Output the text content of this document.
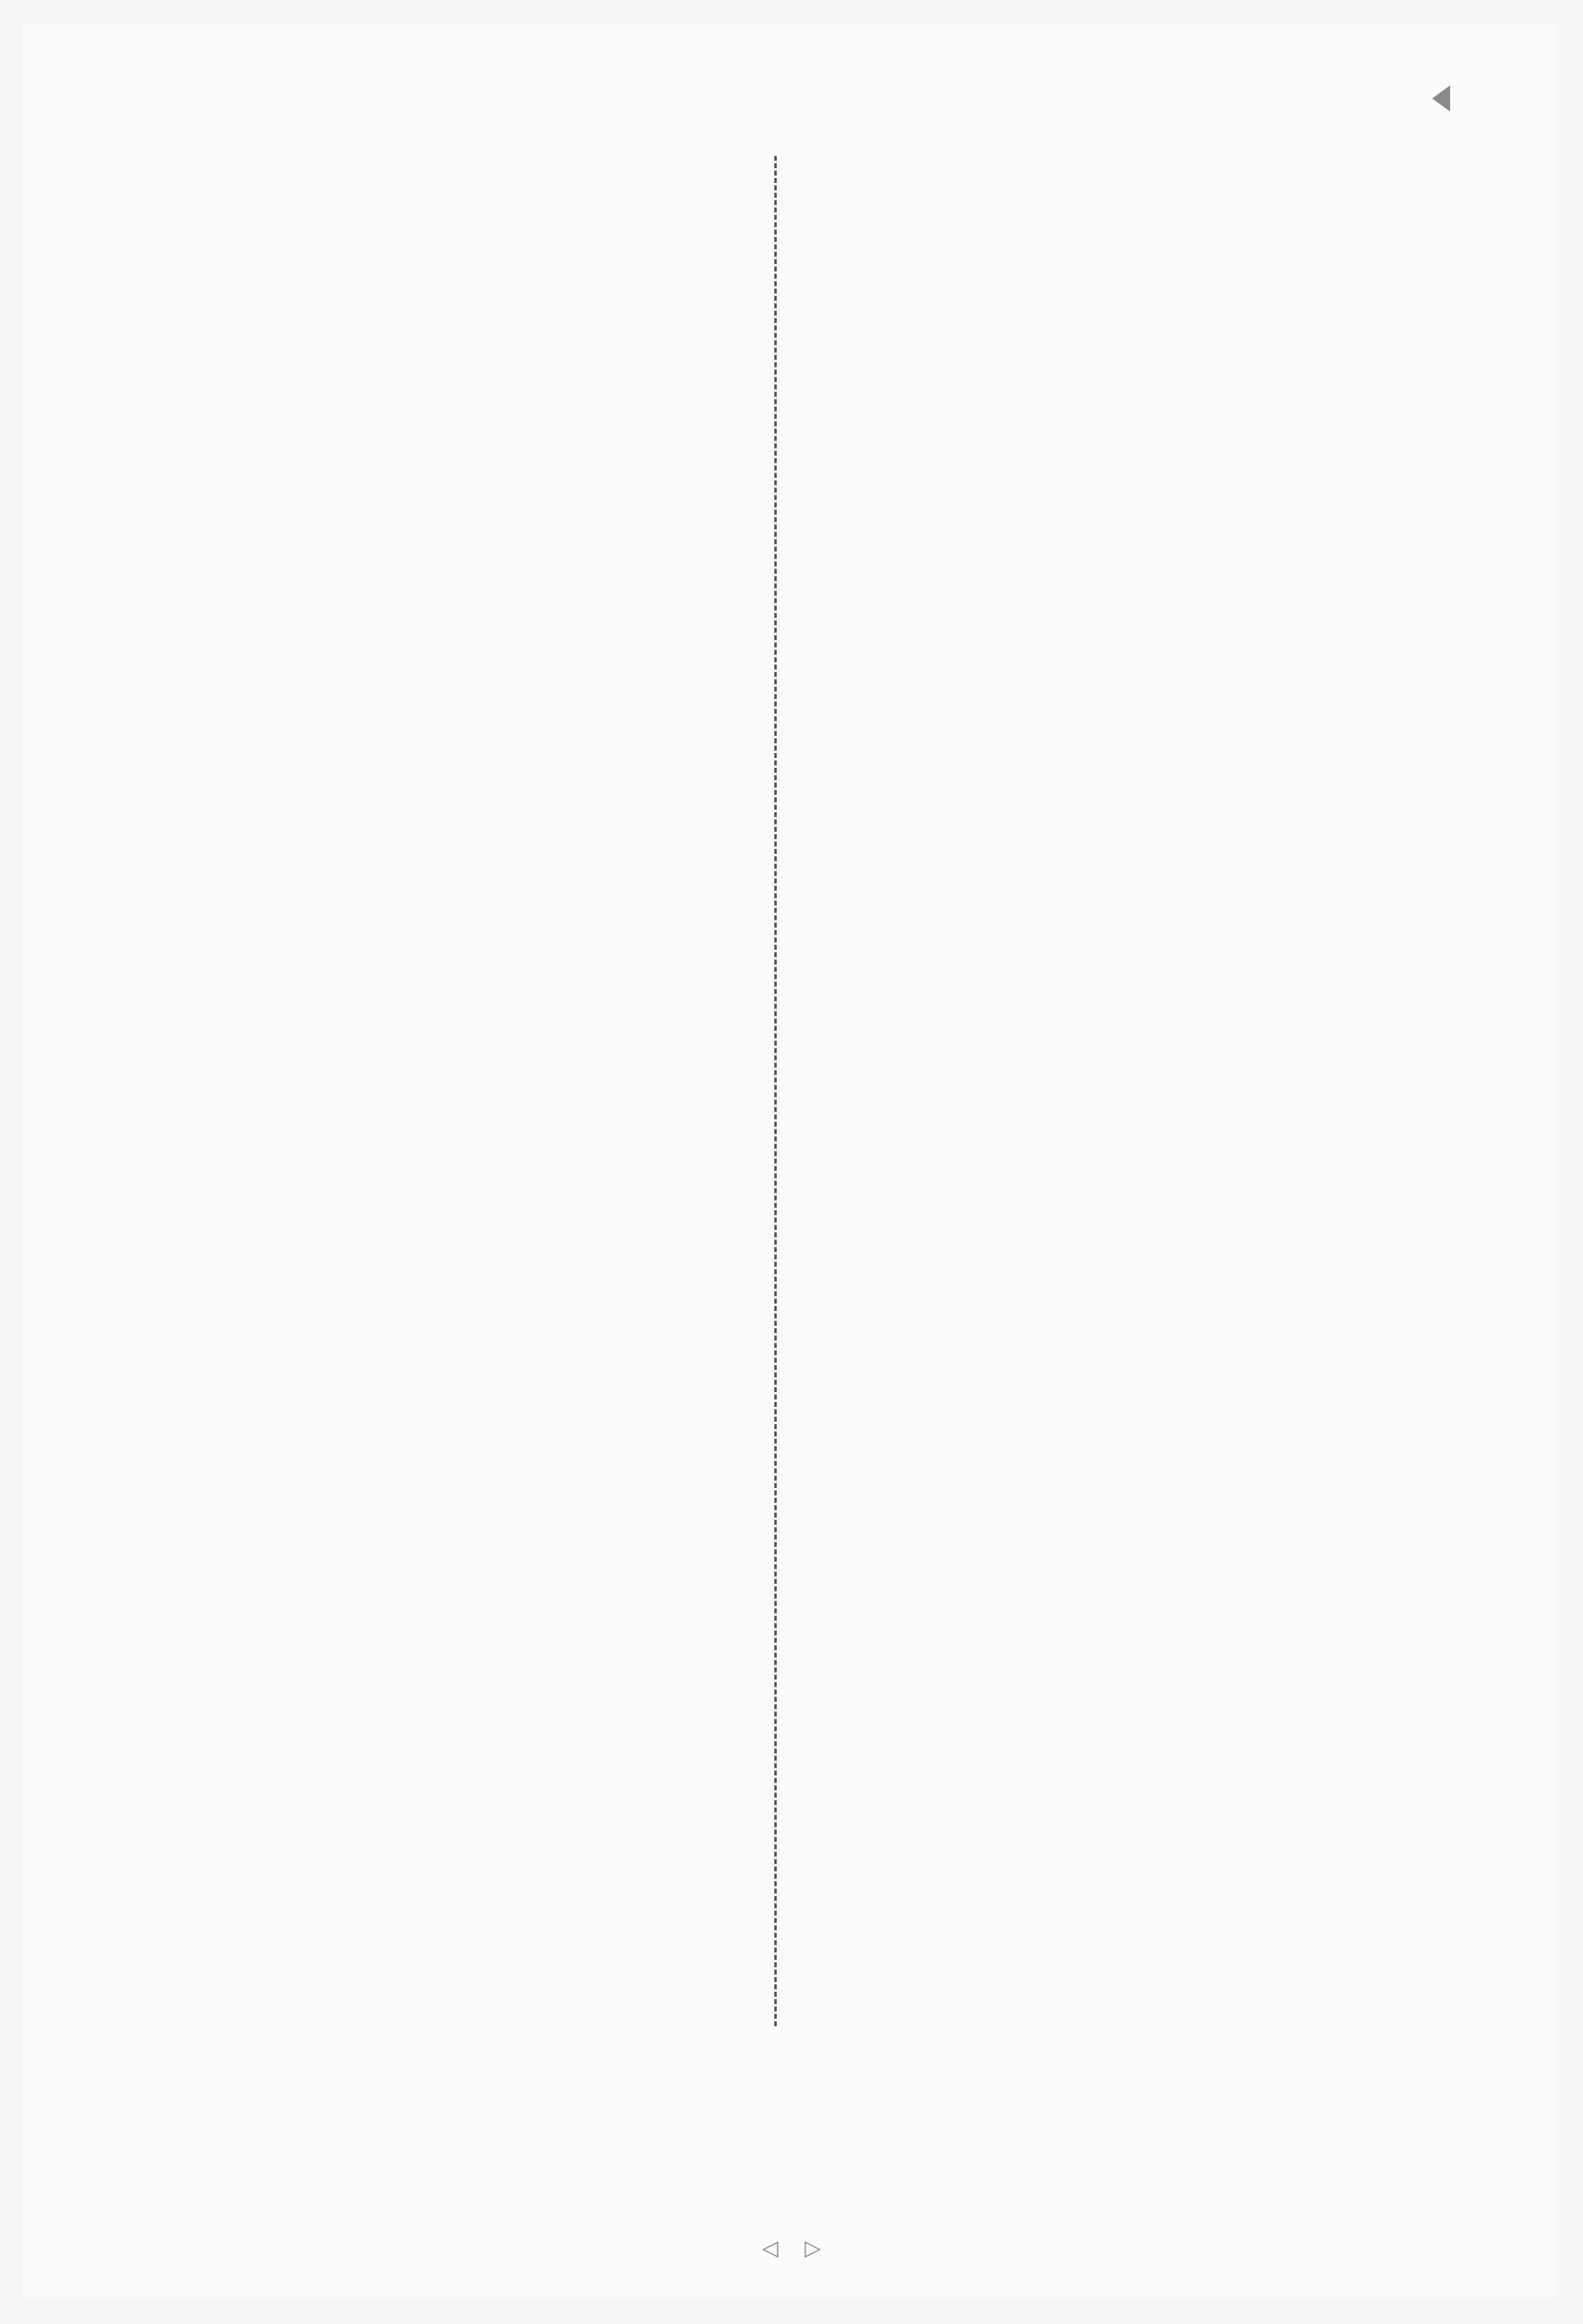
◁ ▷
